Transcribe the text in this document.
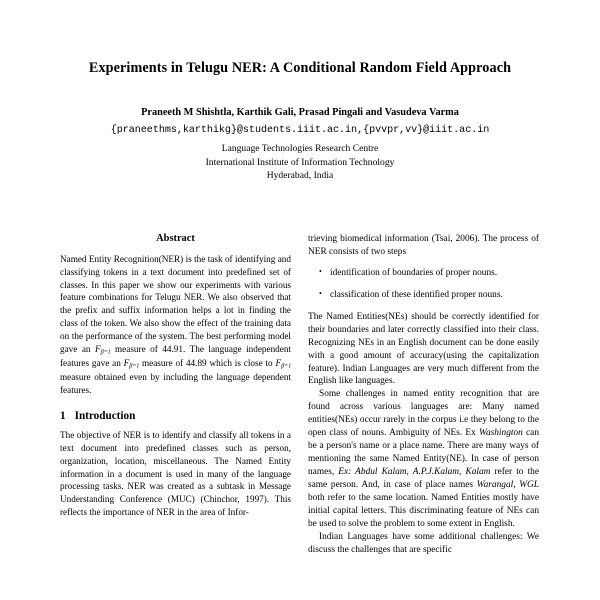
Experiments in Telugu NER: A Conditional Random Field Approach
Praneeth M Shishtla, Karthik Gali, Prasad Pingali and Vasudeva Varma
{praneethms,karthikg}@students.iiit.ac.in,{pvvpr,vv}@iiit.ac.in
Language Technologies Research Centre
International Institute of Information Technology
Hyderabad, India
Abstract

Named Entity Recognition(NER) is the task of identifying and classifying tokens in a text document into predefined set of classes. In this paper we show our experiments with various feature combinations for Telugu NER. We also observed that the prefix and suffix information helps a lot in finding the class of the token. We also show the effect of the training data on the performance of the system. The best performing model gave an $F_{\beta=1}$ measure of 44.91. The language independent features gave an $F_{\beta=1}$ measure of 44.89 which is close to $F_{\beta=1}$ measure obtained even by including the language dependent features.

1 Introduction

The objective of NER is to identify and classify all tokens in a text document into predefined classes such as person, organization, location, miscellaneous. The Named Entity information in a document is used in many of the language processing tasks. NER was created as a subtask in Message Understanding Conference (MUC) (Chinchor, 1997). This reflects the importance of NER in the area of Infor-

trieving biomedical information (Tsai, 2006). The process of NER consists of two steps

• identification of boundaries of proper nouns.
• classification of these identified proper nouns.

The Named Entities(NEs) should be correctly identified for their boundaries and later correctly classified into their class. Recognizing NEs in an English document can be done easily with a good amount of accuracy(using the capitalization feature). Indian Languages are very much different from the English like languages.

Some challenges in named entity recognition that are found across various languages are: Many named entities(NEs) occur rarely in the corpus i.e they belong to the open class of nouns. Ambiguity of NEs. Ex Washington can be a person's name or a place name. There are many ways of mentioning the same Named Entity(NE). In case of person names, Ex: Abdul Kalam, A.P.J.Kalam, Kalam refer to the same person. And, in case of place names Warangal, WGL both refer to the same location. Named Entities mostly have initial capital letters. This discriminating feature of NEs can be used to solve the problem to some extent in English.

Indian Languages have some additional challenges: We discuss the challenges that are specific
